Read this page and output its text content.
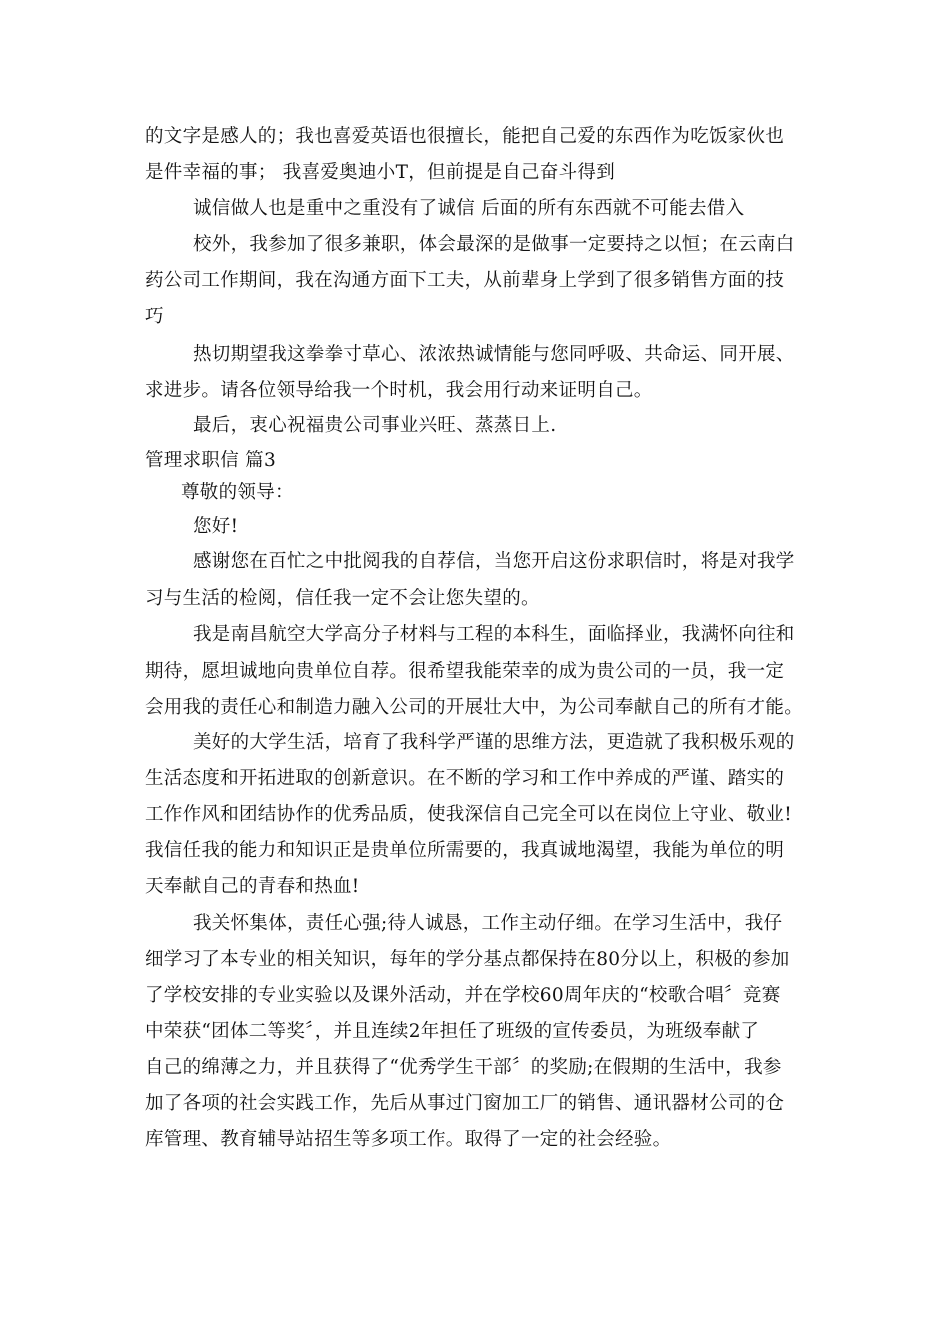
的文字是感人的；我也喜爱英语也很擅长，能把自己爱的东西作为吃饭家伙也
是件幸福的事； 我喜爱奥迪小T，但前提是自己奋斗得到
诚信做人也是重中之重没有了诚信 后面的所有东西就不可能去借入
校外，我参加了很多兼职，体会最深的是做事一定要持之以恒；在云南白
药公司工作期间，我在沟通方面下工夫，从前辈身上学到了很多销售方面的技
巧
热切期望我这拳拳寸草心、浓浓热诚情能与您同呼吸、共命运、同开展、
求进步。请各位领导给我一个时机，我会用行动来证明自己。
最后，衷心祝福贵公司事业兴旺、蒸蒸日上.
管理求职信 篇3
尊敬的领导：
您好!
感谢您在百忙之中批阅我的自荐信，当您开启这份求职信时，将是对我学
习与生活的检阅，信任我一定不会让您失望的。
我是南昌航空大学高分子材料与工程的本科生，面临择业，我满怀向往和
期待，愿坦诚地向贵单位自荐。很希望我能荣幸的成为贵公司的一员，我一定
会用我的责任心和制造力融入公司的开展壮大中，为公司奉献自己的所有才能。
美好的大学生活，培育了我科学严谨的思维方法，更造就了我积极乐观的
生活态度和开拓进取的创新意识。在不断的学习和工作中养成的严谨、踏实的
工作作风和团结协作的优秀品质，使我深信自己完全可以在岗位上守业、敬业!
我信任我的能力和知识正是贵单位所需要的，我真诚地渴望，我能为单位的明
天奉献自己的青春和热血!
我关怀集体，责任心强;待人诚恳，工作主动仔细。在学习生活中，我仔
细学习了本专业的相关知识，每年的学分基点都保持在80分以上，积极的参加
了学校安排的专业实验以及课外活动，并在学校60周年庆的“校歌合唱〞竞赛
中荣获“团体二等奖〞，并且连续2年担任了班级的宣传委员，为班级奉献了
自己的绵薄之力，并且获得了“优秀学生干部〞的奖励;在假期的生活中，我参
加了各项的社会实践工作，先后从事过门窗加工厂的销售、通讯器材公司的仓
库管理、教育辅导站招生等多项工作。取得了一定的社会经验。
